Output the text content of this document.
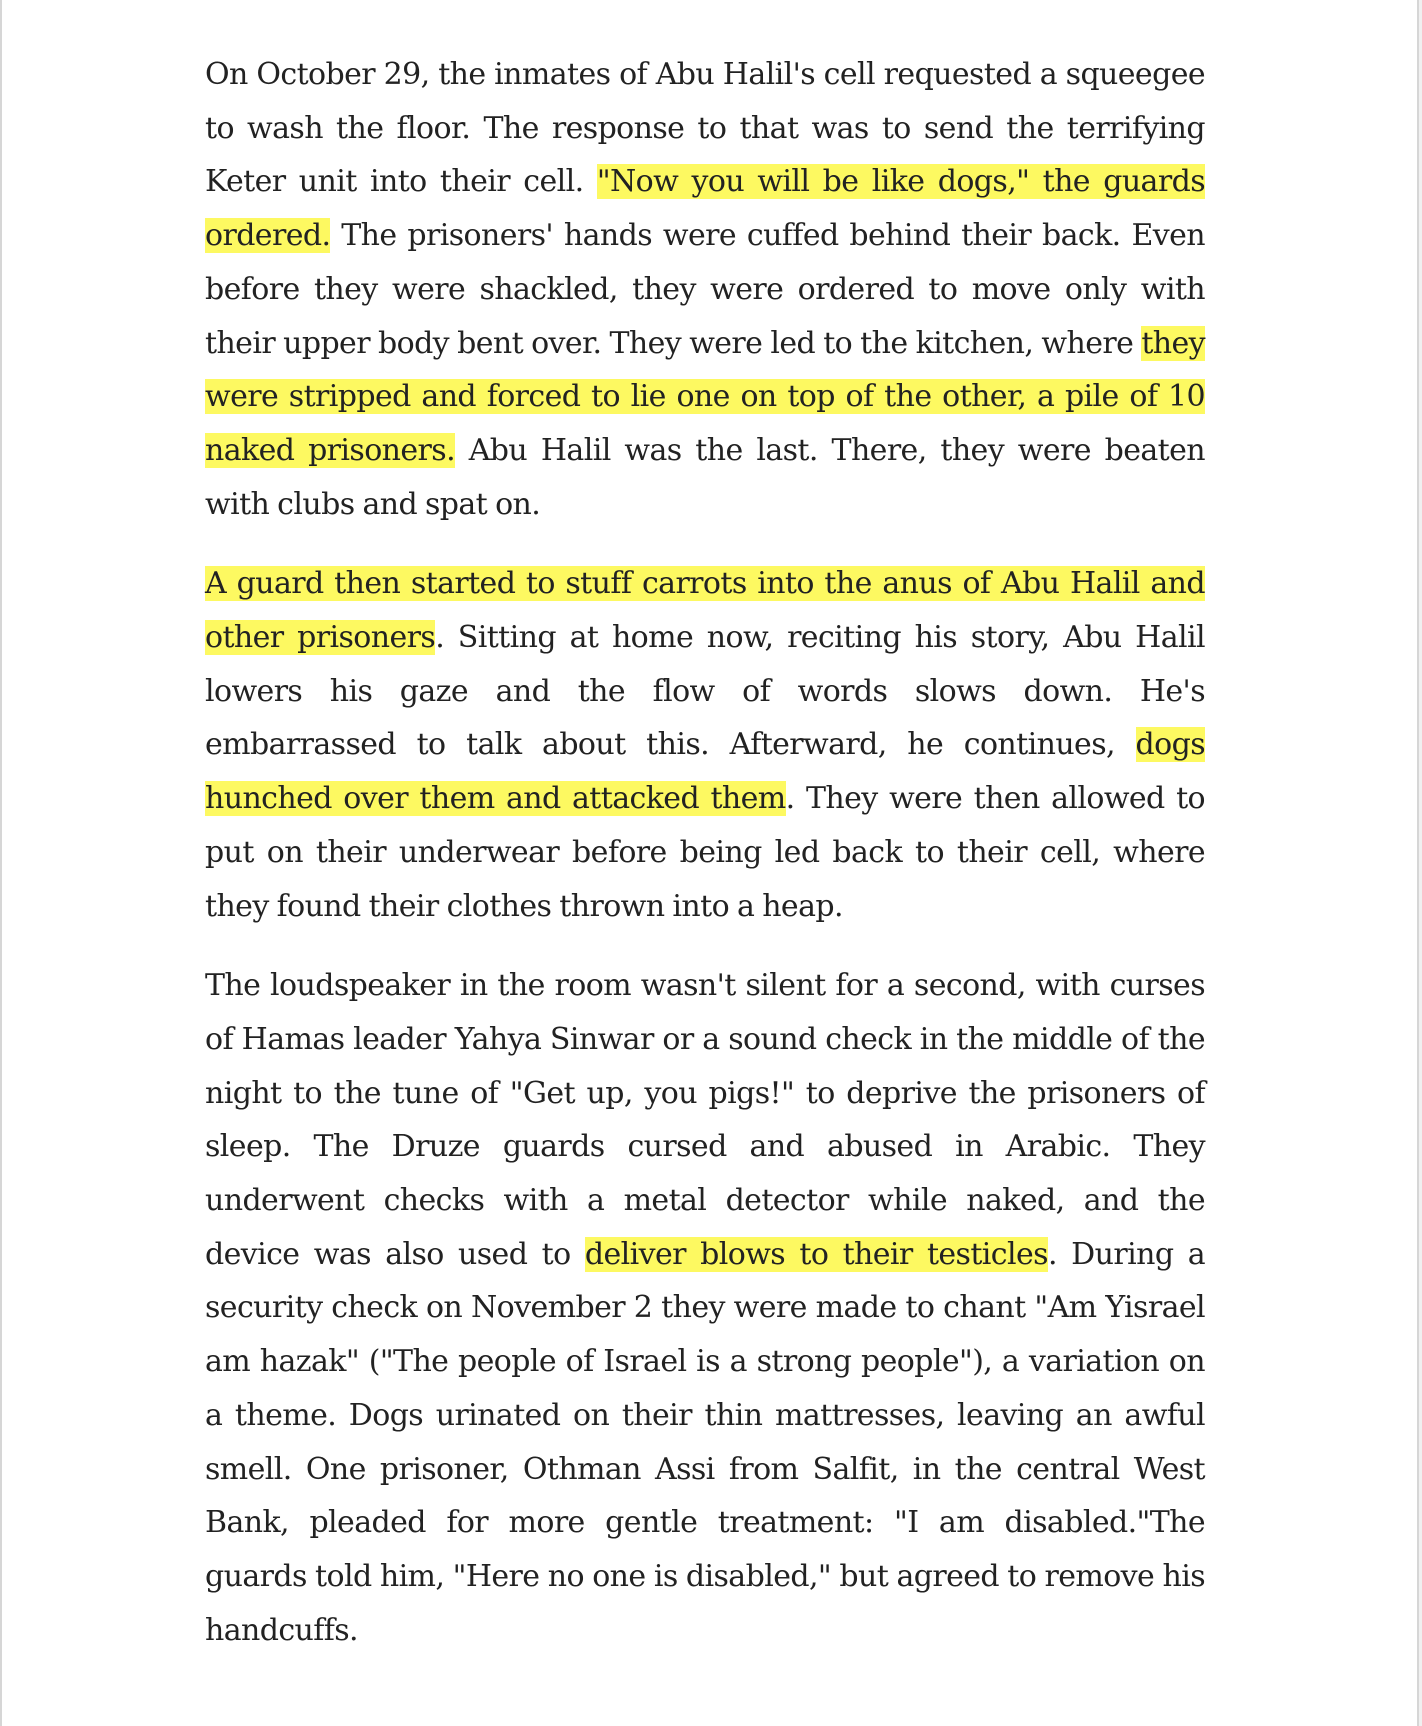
On October 29, the inmates of Abu Halil's cell requested a squeegee to wash the floor. The response to that was to send the terrifying Keter unit into their cell. "Now you will be like dogs," the guards ordered. The prisoners' hands were cuffed behind their back. Even before they were shackled, they were ordered to move only with their upper body bent over. They were led to the kitchen, where they were stripped and forced to lie one on top of the other, a pile of 10 naked prisoners. Abu Halil was the last. There, they were beaten with clubs and spat on.

A guard then started to stuff carrots into the anus of Abu Halil and other prisoners. Sitting at home now, reciting his story, Abu Halil lowers his gaze and the flow of words slows down. He's embarrassed to talk about this. Afterward, he continues, dogs hunched over them and attacked them. They were then allowed to put on their underwear before being led back to their cell, where they found their clothes thrown into a heap.

The loudspeaker in the room wasn't silent for a second, with curses of Hamas leader Yahya Sinwar or a sound check in the middle of the night to the tune of "Get up, you pigs!" to deprive the prisoners of sleep. The Druze guards cursed and abused in Arabic. They underwent checks with a metal detector while naked, and the device was also used to deliver blows to their testicles. During a security check on November 2 they were made to chant "Am Yisrael am hazak" ("The people of Israel is a strong people"), a variation on a theme. Dogs urinated on their thin mattresses, leaving an awful smell. One prisoner, Othman Assi from Salfit, in the central West Bank, pleaded for more gentle treatment: "I am disabled."The guards told him, "Here no one is disabled," but agreed to remove his handcuffs.
